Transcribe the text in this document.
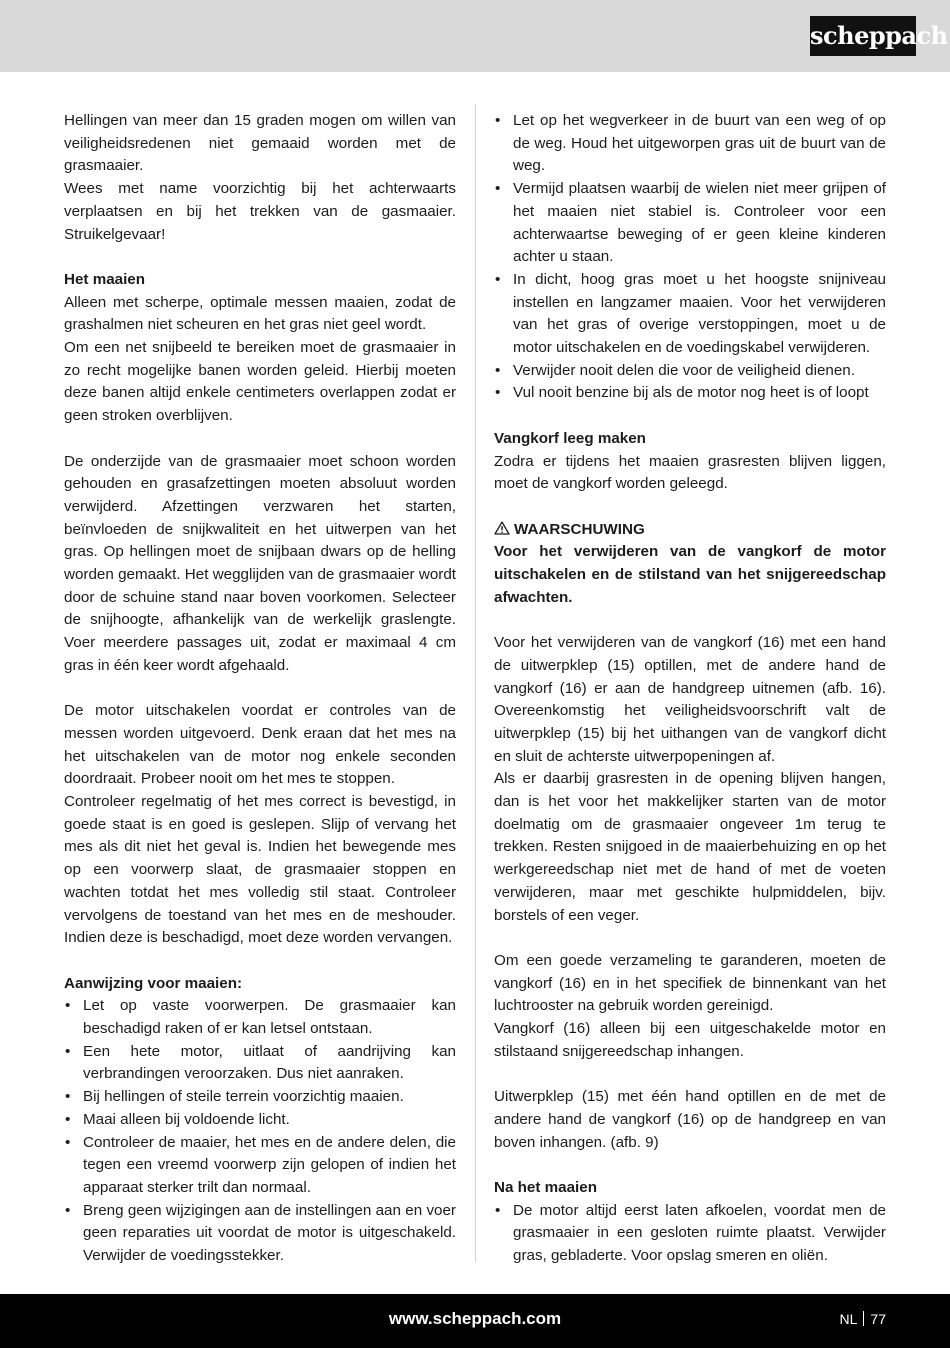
scheppach

Hellingen van meer dan 15 graden mogen om willen van veiligheidsredenen niet gemaaid worden met de grasmaaier.

Wees met name voorzichtig bij het achterwaarts verplaatsen en bij het trekken van de gasmaaier. Struikelgevaar!

Het maaien

Alleen met scherpe, optimale messen maaien, zodat de grashalmen niet scheuren en het gras niet geel wordt.

Om een net snijbeeld te bereiken moet de grasmaaier in zo recht mogelijke banen worden geleid. Hierbij moeten deze banen altijd enkele centimeters overlappen zodat er geen stroken overblijven.

De onderzijde van de grasmaaier moet schoon worden gehouden en grasafzettingen moeten absoluut worden verwijderd. Afzettingen verzwaren het starten, beïnvloeden de snijkwaliteit en het uitwerpen van het gras. Op hellingen moet de snijbaan dwars op de helling worden gemaakt. Het wegglijden van de grasmaaier wordt door de schuine stand naar boven voorkomen. Selecteer de snijhoogte, afhankelijk van de werkelijk graslengte. Voer meerdere passages uit, zodat er maximaal 4 cm gras in één keer wordt afgehaald.

De motor uitschakelen voordat er controles van de messen worden uitgevoerd. Denk eraan dat het mes na het uitschakelen van de motor nog enkele seconden doordraait. Probeer nooit om het mes te stoppen.

Controleer regelmatig of het mes correct is bevestigd, in goede staat is en goed is geslepen. Slijp of vervang het mes als dit niet het geval is. Indien het bewegende mes op een voorwerp slaat, de grasmaaier stoppen en wachten totdat het mes volledig stil staat. Controleer vervolgens de toestand van het mes en de meshouder. Indien deze is beschadigd, moet deze worden vervangen.

Aanwijzing voor maaien:

• Let op vaste voorwerpen. De grasmaaier kan beschadigd raken of er kan letsel ontstaan.
• Een hete motor, uitlaat of aandrijving kan verbrandingen veroorzaken. Dus niet aanraken.
• Bij hellingen of steile terrein voorzichtig maaien.
• Maai alleen bij voldoende licht.
• Controleer de maaier, het mes en de andere delen, die tegen een vreemd voorwerp zijn gelopen of indien het apparaat sterker trilt dan normaal.
• Breng geen wijzigingen aan de instellingen aan en voer geen reparaties uit voordat de motor is uitgeschakeld. Verwijder de voedingsstekker.
• Let op het wegverkeer in de buurt van een weg of op de weg. Houd het uitgeworpen gras uit de buurt van de weg.
• Vermijd plaatsen waarbij de wielen niet meer grijpen of het maaien niet stabiel is. Controleer voor een achterwaartse beweging of er geen kleine kinderen achter u staan.
• In dicht, hoog gras moet u het hoogste snijniveau instellen en langzamer maaien. Voor het verwijderen van het gras of overige verstoppingen, moet u de motor uitschakelen en de voedingskabel verwijderen.
• Verwijder nooit delen die voor de veiligheid dienen.
• Vul nooit benzine bij als de motor nog heet is of loopt

Vangkorf leeg maken

Zodra er tijdens het maaien grasresten blijven liggen, moet de vangkorf worden geleegd.

WAARSCHUWING

Voor het verwijderen van de vangkorf de motor uitschakelen en de stilstand van het snijgereedschap afwachten.

Voor het verwijderen van de vangkorf (16) met een hand de uitwerpklep (15) optillen, met de andere hand de vangkorf (16) er aan de handgreep uitnemen (afb. 16). Overeenkomstig het veiligheidsvoorschrift valt de uitwerpklep (15) bij het uithangen van de vangkorf dicht en sluit de achterste uitwerpopeningen af.

Als er daarbij grasresten in de opening blijven hangen, dan is het voor het makkelijker starten van de motor doelmatig om de grasmaaier ongeveer 1m terug te trekken. Resten snijgoed in de maaierbehuizing en op het werkgereedschap niet met de hand of met de voeten verwijderen, maar met geschikte hulpmiddelen, bijv. borstels of een veger.

Om een goede verzameling te garanderen, moeten de vangkorf (16) en in het specifiek de binnenkant van het luchtrooster na gebruik worden gereinigd.

Vangkorf (16) alleen bij een uitgeschakelde motor en stilstaand snijgereedschap inhangen.

Uitwerpklep (15) met één hand optillen en de met de andere hand de vangkorf (16) op de handgreep en van boven inhangen. (afb. 9)

Na het maaien

• De motor altijd eerst laten afkoelen, voordat men de grasmaaier in een gesloten ruimte plaatst. Verwijder gras, gebladerte. Voor opslag smeren en oliën.
www.scheppach.com	NL 77
